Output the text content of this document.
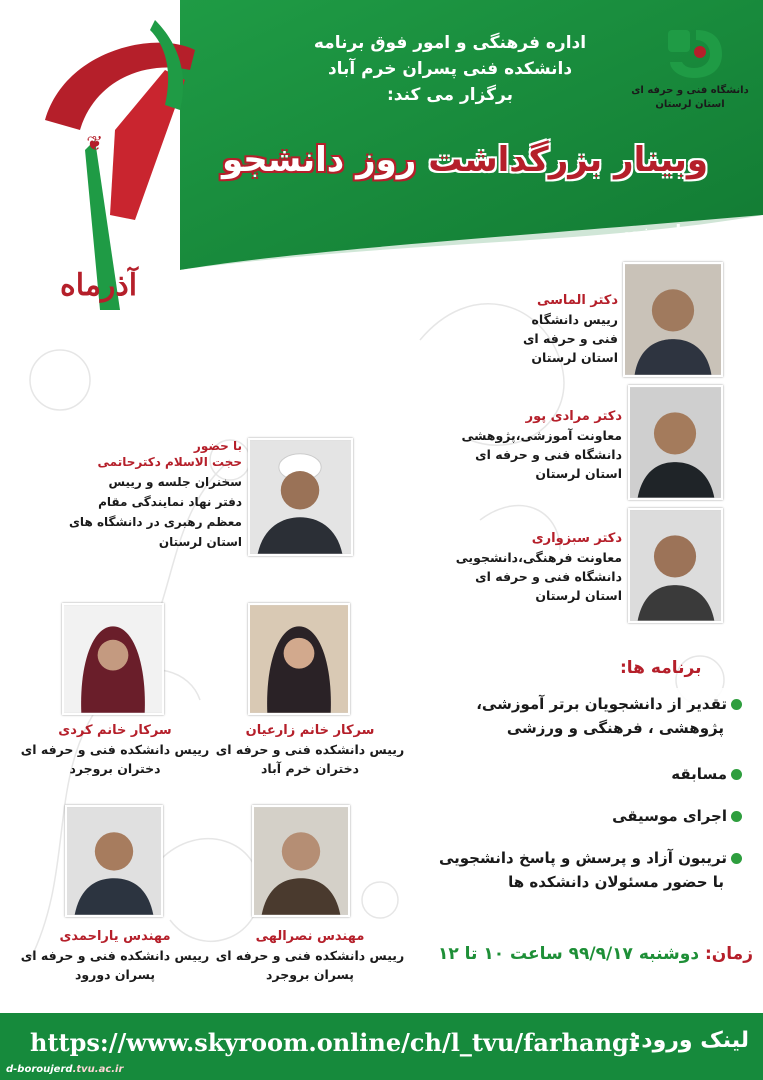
❦
آذرماه
دانشگاه فنی و حرفه ای
استان لرستان
اداره فرهنگی و امور فوق برنامه
دانشکده فنی پسران خرم آباد
برگزار می کند:
وبینار بزرگداشت روز دانشجو
با حضور
دکتر الماسی
رییس دانشگاه
فنی و حرفه ای
استان لرستان
دکتر مرادی پور
معاونت آموزشی،پژوهشی
دانشگاه فنی و حرفه ای
استان لرستان
دکتر سبزواری
معاونت فرهنگی،دانشجویی
دانشگاه فنی و حرفه ای
استان لرستان
با حضور
حجت الاسلام دکترحاتمی
سخنران جلسه و رییس
دفتر نهاد نمایندگی مقام
معظم رهبری در دانشگاه های
استان لرستان
سرکار خانم کردی
رییس دانشکده فنی و حرفه ای
دختران بروجرد
سرکار خانم زارعیان
رییس دانشکده فنی و حرفه ای
دختران خرم آباد
مهندس یاراحمدی
رییس دانشکده فنی و حرفه ای
پسران دورود
مهندس نصرالهی
رییس دانشکده فنی و حرفه ای
پسران بروجرد
برنامه ها:
تقدیر از دانشجویان برتر آموزشی،
پژوهشی ، فرهنگی و ورزشی
مسابقه
اجرای موسیقی
تریبون آزاد و پرسش و پاسخ دانشجویی
با حضور مسئولان دانشکده ها
زمان: دوشنبه ۹۹/۹/۱۷ ساعت ۱۰ تا ۱۲
لینک ورود:
https://www.skyroom.online/ch/l_tvu/farhangi
d-boroujerd.tvu.ac.ir
